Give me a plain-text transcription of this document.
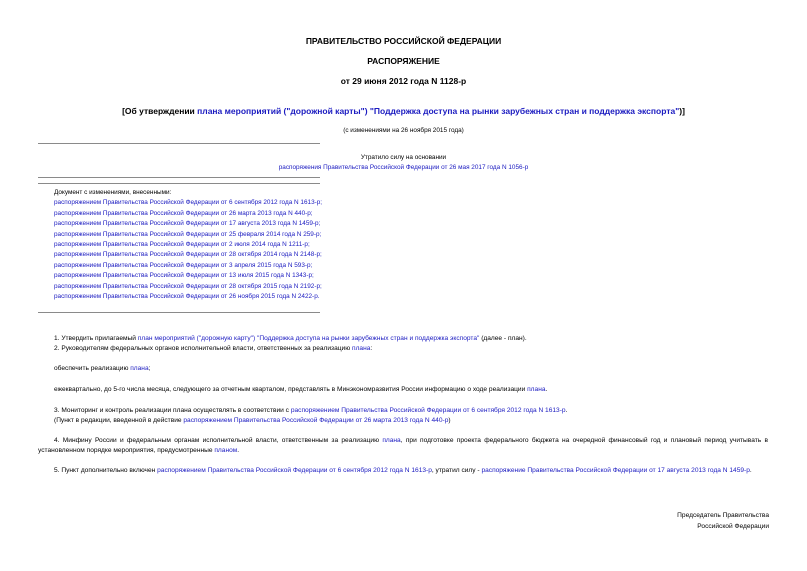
ПРАВИТЕЛЬСТВО РОССИЙСКОЙ ФЕДЕРАЦИИ
РАСПОРЯЖЕНИЕ
от 29 июня 2012 года N 1128-р
[Об утверждении плана мероприятий ("дорожной карты") "Поддержка доступа на рынки зарубежных стран и поддержка экспорта")]
(с изменениями на 26 ноября 2015 года)
Утратило силу на основании
распоряжения Правительства Российской Федерации от 26 мая 2017 года N 1056-р
Документ с изменениями, внесенными:
распоряжением Правительства Российской Федерации от 6 сентября 2012 года N 1613-р;
распоряжением Правительства Российской Федерации от 26 марта 2013 года N 440-р;
распоряжением Правительства Российской Федерации от 17 августа 2013 года N 1459-р;
распоряжением Правительства Российской Федерации от 25 февраля 2014 года N 259-р;
распоряжением Правительства Российской Федерации от 2 июля 2014 года N 1211-р;
распоряжением Правительства Российской Федерации от 28 октября 2014 года N 2148-р;
распоряжением Правительства Российской Федерации от 3 апреля 2015 года N 593-р;
распоряжением Правительства Российской Федерации от 13 июля 2015 года N 1343-р;
распоряжением Правительства Российской Федерации от 28 октября 2015 года N 2192-р;
распоряжением Правительства Российской Федерации от 26 ноября 2015 года N 2422-р.
1. Утвердить прилагаемый план мероприятий ("дорожную карту") "Поддержка доступа на рынки зарубежных стран и поддержка экспорта" (далее - план).
2. Руководителям федеральных органов исполнительной власти, ответственных за реализацию плана:
обеспечить реализацию плана;
ежеквартально, до 5-го числа месяца, следующего за отчетным кварталом, представлять в Минэкономразвития России информацию о ходе реализации плана.
3. Мониторинг и контроль реализации плана осуществлять в соответствии с распоряжением Правительства Российской Федерации от 6 сентября 2012 года N 1613-р.
(Пункт в редакции, введенной в действие распоряжением Правительства Российской Федерации от 26 марта 2013 года N 440-р)
4. Минфину России и федеральным органам исполнительной власти, ответственным за реализацию плана, при подготовке проекта федерального бюджета на очередной финансовый год и плановый период учитывать в установленном порядке мероприятия, предусмотренные планом.
5. Пункт дополнительно включен распоряжением Правительства Российской Федерации от 6 сентября 2012 года N 1613-р, утратил силу - распоряжение Правительства Российской Федерации от 17 августа 2013 года N 1459-р.
Председатель Правительства
Российской Федерации
